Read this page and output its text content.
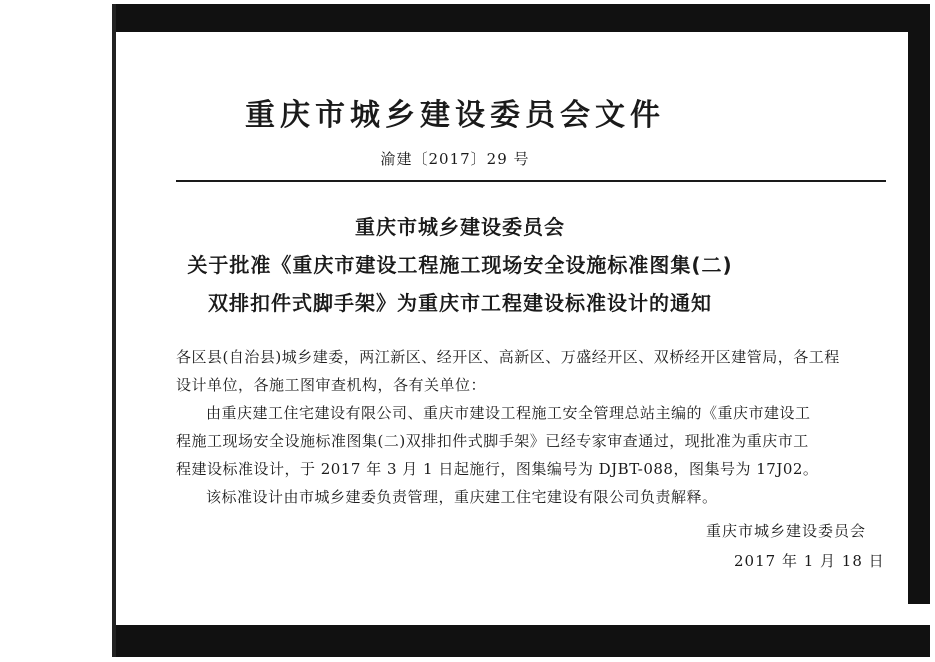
重庆市城乡建设委员会文件
渝建〔2017〕29 号
重庆市城乡建设委员会
关于批准《重庆市建设工程施工现场安全设施标准图集(二)
双排扣件式脚手架》为重庆市工程建设标准设计的通知
各区县(自治县)城乡建委，两江新区、经开区、高新区、万盛经开区、双桥经开区建管局，各工程
设计单位，各施工图审查机构，各有关单位：
由重庆建工住宅建设有限公司、重庆市建设工程施工安全管理总站主编的《重庆市建设工
程施工现场安全设施标准图集(二)双排扣件式脚手架》已经专家审查通过，现批准为重庆市工
程建设标准设计，于 2017 年 3 月 1 日起施行，图集编号为 DJBT-088，图集号为 17J02。
该标准设计由市城乡建委负责管理，重庆建工住宅建设有限公司负责解释。
重庆市城乡建设委员会
2017 年 1 月 18 日
